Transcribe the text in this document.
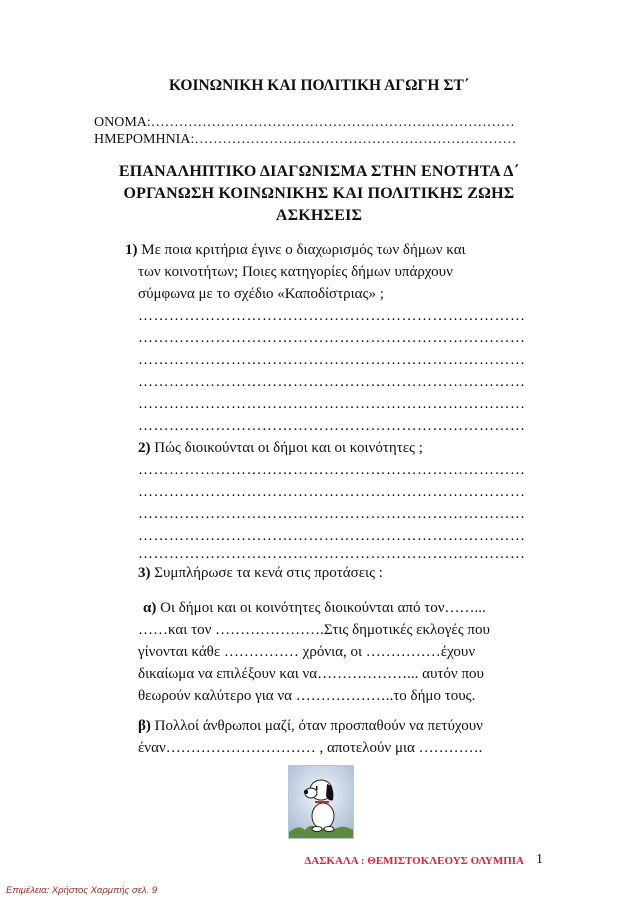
ΚΟΙΝΩΝΙΚΗ ΚΑΙ ΠΟΛΙΤΙΚΗ ΑΓΩΓΗ ΣΤ΄
ΟΝΟΜΑ:……………………………………………………………………
ΗΜΕΡΟΜΗΝΙΑ:……………………………………………………………
ΕΠΑΝΑΛΗΠΤΙΚΟ ΔΙΑΓΩΝΙΣΜΑ ΣΤΗΝ ΕΝΟΤΗΤΑ Δ΄
ΟΡΓΑΝΩΣΗ ΚΟΙΝΩΝΙΚΗΣ ΚΑΙ ΠΟΛΙΤΙΚΗΣ ΖΩΗΣ
ΑΣΚΗΣΕΙΣ
1) Με ποια κριτήρια έγινε ο διαχωρισμός των δήμων και
των κοινοτήτων; Ποιες κατηγορίες δήμων υπάρχουν
σύμφωνα με το σχέδιο «Καποδίστριας» ;
…………………………………………………………………
…………………………………………………………………
…………………………………………………………………
…………………………………………………………………
…………………………………………………………………
…………………………………………………………………
2) Πώς διοικούνται οι δήμοι και οι κοινότητες ;
…………………………………………………………………
…………………………………………………………………
…………………………………………………………………
…………………………………………………………………
…………………………………………………………………
3) Συμπλήρωσε τα κενά στις προτάσεις :
α) Οι δήμοι και οι κοινότητες διοικούνται από τον……...
……και τον ………………….Στις δημοτικές εκλογές που
γίνονται κάθε …………… χρόνια, οι ……………έχουν
δικαίωμα να επιλέξουν και να………………... αυτόν που
θεωρούν καλύτερο για να ………………..το δήμο τους.
β) Πολλοί άνθρωποι μαζί, όταν προσπαθούν να πετύχουν
έναν………………………… , αποτελούν μια ………….
ΔΑΣΚΑΛΑ : ΘΕΜΙΣΤΟΚΛΕΟΥΣ ΟΛΥΜΠΙΑ 1
Επιμέλεια: Χρήστος Χαρμπής σελ. 9
